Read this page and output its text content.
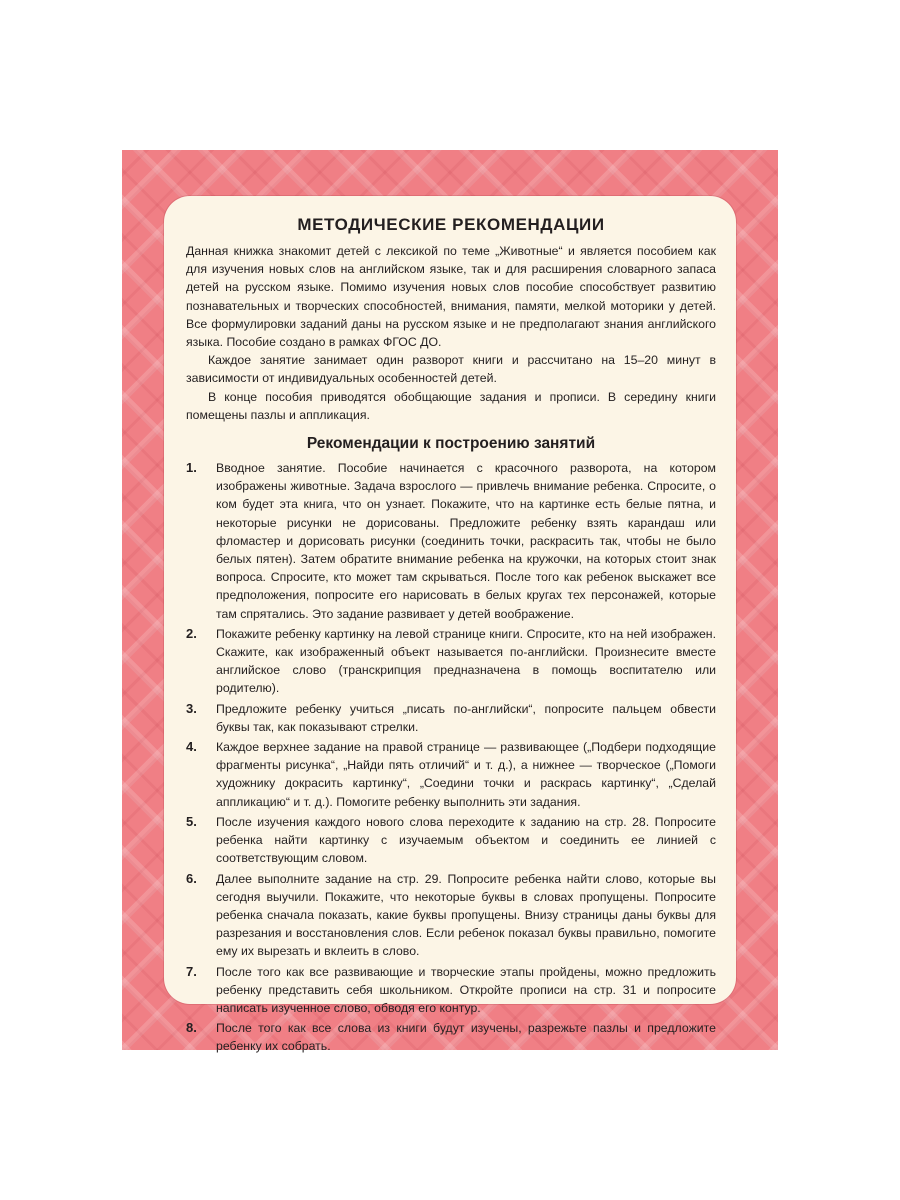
МЕТОДИЧЕСКИЕ РЕКОМЕНДАЦИИ

Данная книжка знакомит детей с лексикой по теме „Животные“ и является пособием как для изучения новых слов на английском языке, так и для расширения словарного запаса детей на русском языке. Помимо изучения новых слов пособие способствует развитию познавательных и творческих способностей, внимания, памяти, мелкой моторики у детей. Все формулировки заданий даны на русском языке и не предполагают знания английского языка. Пособие создано в рамках ФГОС ДО.

Каждое занятие занимает один разворот книги и рассчитано на 15–20 минут в зависимости от индивидуальных особенностей детей.

В конце пособия приводятся обобщающие задания и прописи. В середину книги помещены пазлы и аппликация.

Рекомендации к построению занятий
1.	Вводное занятие. Пособие начинается с красочного разворота, на котором изображены животные. Задача взрослого — привлечь внимание ребенка. Спросите, о ком будет эта книга, что он узнает. Покажите, что на картинке есть белые пятна, и некоторые рисунки не дорисованы. Предложите ребенку взять карандаш или фломастер и дорисовать рисунки (соединить точки, раскрасить так, чтобы не было белых пятен). Затем обратите внимание ребенка на кружочки, на которых стоит знак вопроса. Спросите, кто может там скрываться. После того как ребенок выскажет все предположения, попросите его нарисовать в белых кругах тех персонажей, которые там спрятались. Это задание развивает у детей воображение.
2.	Покажите ребенку картинку на левой странице книги. Спросите, кто на ней изображен. Скажите, как изображенный объект называется по-английски. Произнесите вместе английское слово (транскрипция предназначена в помощь воспитателю или родителю).
3.	Предложите ребенку учиться „писать по-английски“, попросите пальцем обвести буквы так, как показывают стрелки.
4.	Каждое верхнее задание на правой странице — развивающее („Подбери подходящие фрагменты рисунка“, „Найди пять отличий“ и т. д.), а нижнее — творческое („Помоги художнику докрасить картинку“, „Соедини точки и раскрась картинку“, „Сделай аппликацию“ и т. д.). Помогите ребенку выполнить эти задания.
5.	После изучения каждого нового слова переходите к заданию на стр. 28. Попросите ребенка найти картинку с изучаемым объектом и соединить ее линией с соответствующим словом.
6.	Далее выполните задание на стр. 29. Попросите ребенка найти слово, которые вы сегодня выучили. Покажите, что некоторые буквы в словах пропущены. Попросите ребенка сначала показать, какие буквы пропущены. Внизу страницы даны буквы для разрезания и восстановления слов. Если ребенок показал буквы правильно, помогите ему их вырезать и вклеить в слово.
7.	После того как все развивающие и творческие этапы пройдены, можно предложить ребенку представить себя школьником. Откройте прописи на стр. 31 и попросите написать изученное слово, обводя его контур.
8.	После того как все слова из книги будут изучены, разрежьте пазлы и предложите ребенку их собрать.
